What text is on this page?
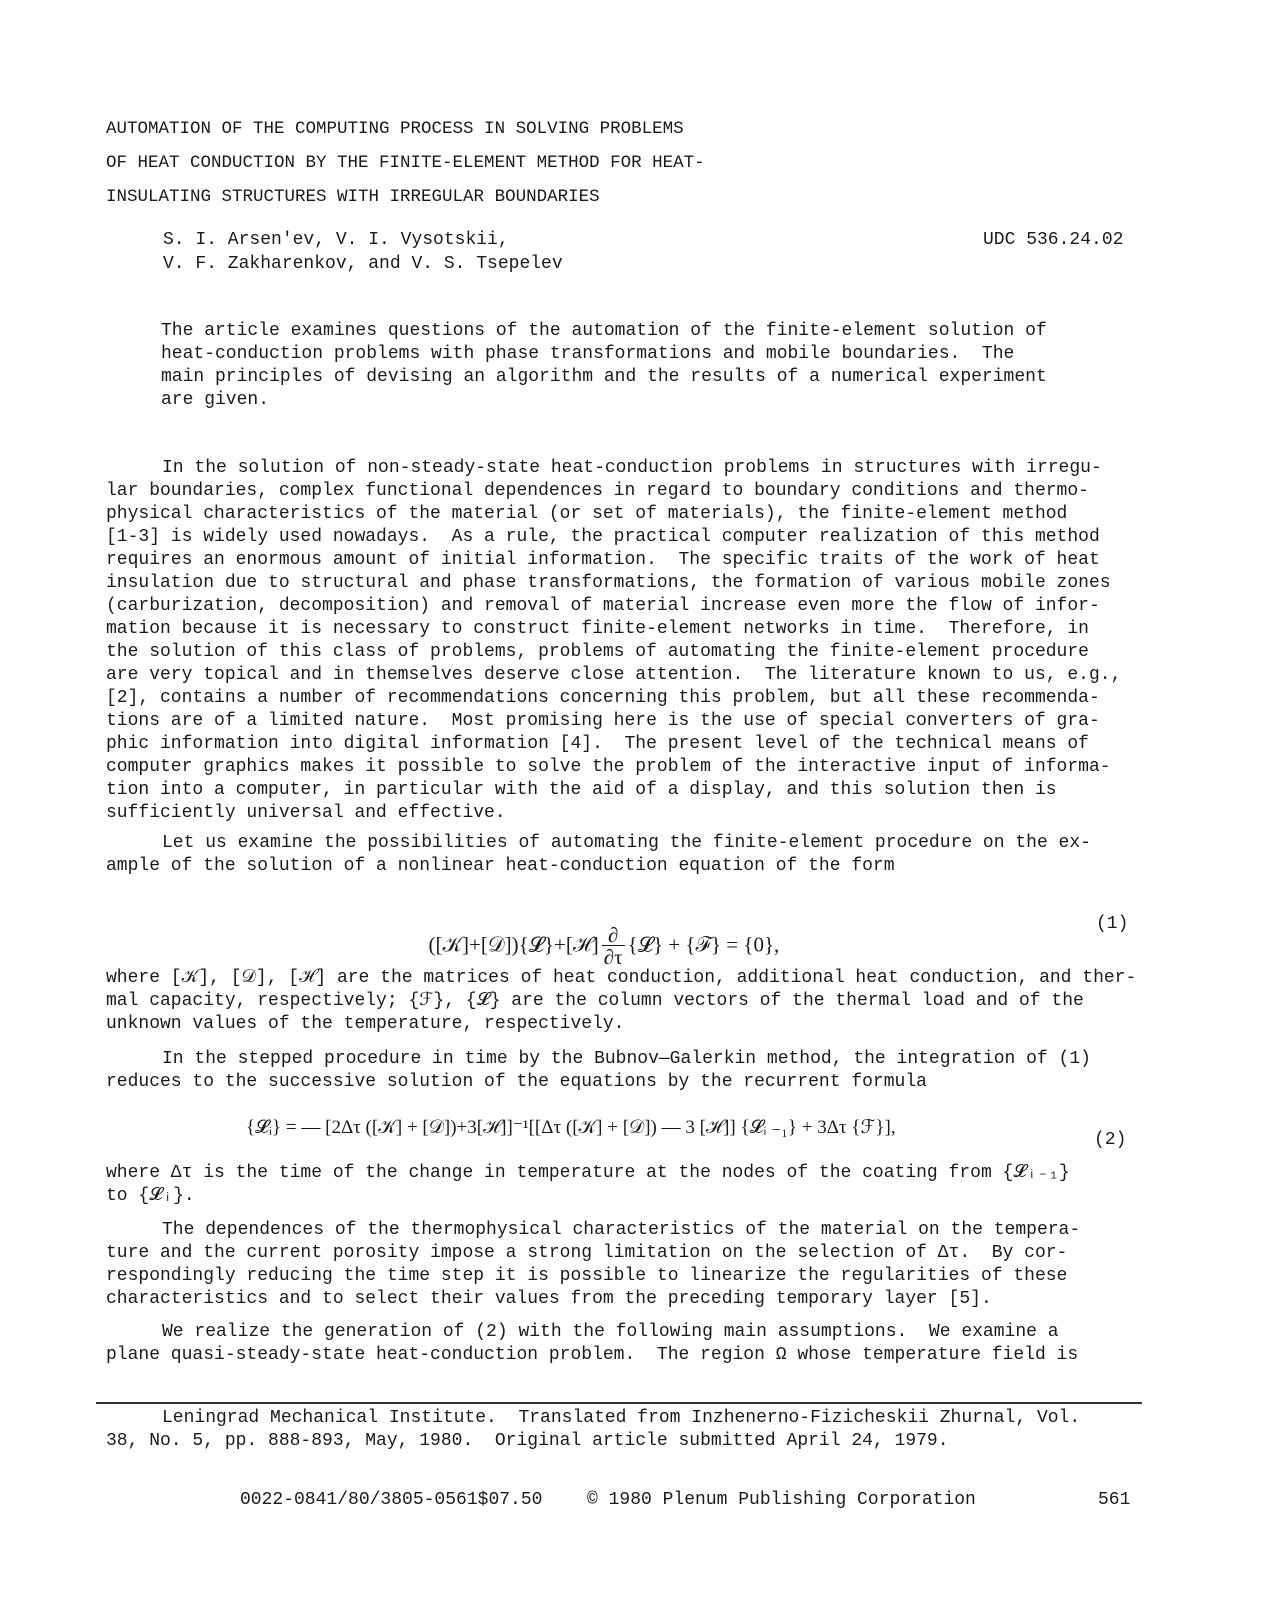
AUTOMATION OF THE COMPUTING PROCESS IN SOLVING PROBLEMS
OF HEAT CONDUCTION BY THE FINITE-ELEMENT METHOD FOR HEAT-
INSULATING STRUCTURES WITH IRREGULAR BOUNDARIES
S. I. Arsen'ev, V. I. Vysotskii,
V. F. Zakharenkov, and V. S. Tsepelev
UDC 536.24.02
The article examines questions of the automation of the finite-element solution of
heat-conduction problems with phase transformations and mobile boundaries.  The
main principles of devising an algorithm and the results of a numerical experiment
are given.
In the solution of non-steady-state heat-conduction problems in structures with irregu-
lar boundaries, complex functional dependences in regard to boundary conditions and thermo-
physical characteristics of the material (or set of materials), the finite-element method
[1-3] is widely used nowadays.  As a rule, the practical computer realization of this method
requires an enormous amount of initial information.  The specific traits of the work of heat
insulation due to structural and phase transformations, the formation of various mobile zones
(carburization, decomposition) and removal of material increase even more the flow of infor-
mation because it is necessary to construct finite-element networks in time.  Therefore, in
the solution of this class of problems, problems of automating the finite-element procedure
are very topical and in themselves deserve close attention.  The literature known to us, e.g.,
[2], contains a number of recommendations concerning this problem, but all these recommenda-
tions are of a limited nature.  Most promising here is the use of special converters of gra-
phic information into digital information [4].  The present level of the technical means of
computer graphics makes it possible to solve the problem of the interactive input of informa-
tion into a computer, in particular with the aid of a display, and this solution then is
sufficiently universal and effective.
Let us examine the possibilities of automating the finite-element procedure on the ex-
ample of the solution of a nonlinear heat-conduction equation of the form

([𝒦]+[𝒟]){𝓛}+[ℋ] $\frac{\partial}{\partial\tau}$ {𝓛} + {ℱ} = {0},

(1)
where [𝒦], [𝒟], [ℋ] are the matrices of heat conduction, additional heat conduction, and ther-
mal capacity, respectively; {ℱ}, {𝓛} are the column vectors of the thermal load and of the
unknown values of the temperature, respectively.
In the stepped procedure in time by the Bubnov—Galerkin method, the integration of (1)
reduces to the successive solution of the equations by the recurrent formula
{𝓛ᵢ} = — [2Δτ ([𝒦] + [𝒟])+3[ℋ]]⁻¹[[Δτ ([𝒦] + [𝒟]) — 3 [ℋ]] {𝓛ᵢ ₋₁} + 3Δτ {ℱ}],
(2)
where Δτ is the time of the change in temperature at the nodes of the coating from {𝓛ᵢ₋₁}
to {𝓛ᵢ}.
The dependences of the thermophysical characteristics of the material on the tempera-
ture and the current porosity impose a strong limitation on the selection of Δτ.  By cor-
respondingly reducing the time step it is possible to linearize the regularities of these
characteristics and to select their values from the preceding temporary layer [5].
We realize the generation of (2) with the following main assumptions.  We examine a
plane quasi-steady-state heat-conduction problem.  The region Ω whose temperature field is
Leningrad Mechanical Institute.  Translated from Inzhenerno-Fizicheskii Zhurnal, Vol.
38, No. 5, pp. 888-893, May, 1980.  Original article submitted April 24, 1979.
0022-0841/80/3805-0561$07.50 © 1980 Plenum Publishing Corporation	561
